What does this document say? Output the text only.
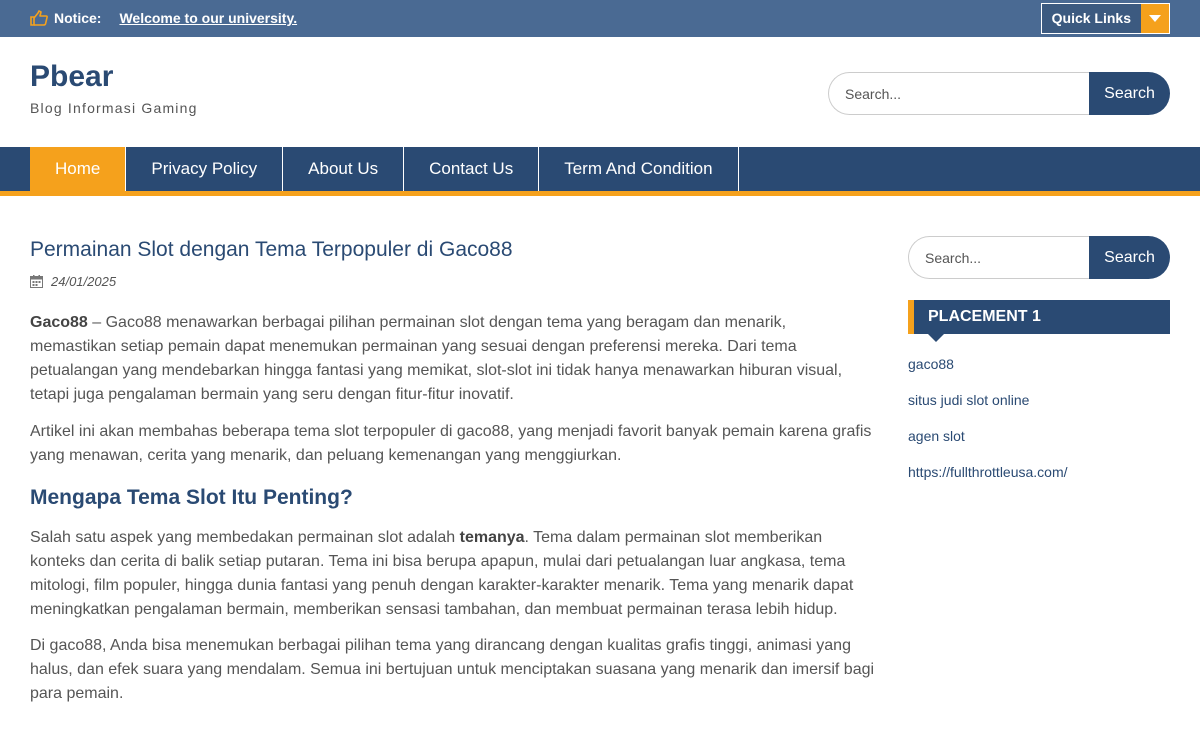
Notice: Welcome to our university.	Quick Links
Pbear
Blog Informasi Gaming
Search...
Search
Home	Privacy Policy	About Us	Contact Us	Term And Condition
Permainan Slot dengan Tema Terpopuler di Gaco88
24/01/2025

Gaco88 – Gaco88 menawarkan berbagai pilihan permainan slot dengan tema yang beragam dan menarik, memastikan setiap pemain dapat menemukan permainan yang sesuai dengan preferensi mereka. Dari tema petualangan yang mendebarkan hingga fantasi yang memikat, slot-slot ini tidak hanya menawarkan hiburan visual, tetapi juga pengalaman bermain yang seru dengan fitur-fitur inovatif.

Artikel ini akan membahas beberapa tema slot terpopuler di gaco88, yang menjadi favorit banyak pemain karena grafis yang menawan, cerita yang menarik, dan peluang kemenangan yang menggiurkan.

Mengapa Tema Slot Itu Penting?

Salah satu aspek yang membedakan permainan slot adalah temanya. Tema dalam permainan slot memberikan konteks dan cerita di balik setiap putaran. Tema ini bisa berupa apapun, mulai dari petualangan luar angkasa, tema mitologi, film populer, hingga dunia fantasi yang penuh dengan karakter-karakter menarik. Tema yang menarik dapat meningkatkan pengalaman bermain, memberikan sensasi tambahan, dan membuat permainan terasa lebih hidup.

Di gaco88, Anda bisa menemukan berbagai pilihan tema yang dirancang dengan kualitas grafis tinggi, animasi yang halus, dan efek suara yang mendalam. Semua ini bertujuan untuk menciptakan suasana yang menarik dan imersif bagi para pemain.

Search...
Search
PLACEMENT 1
gaco88
situs judi slot online
agen slot
https://fullthrottleusa.com/
